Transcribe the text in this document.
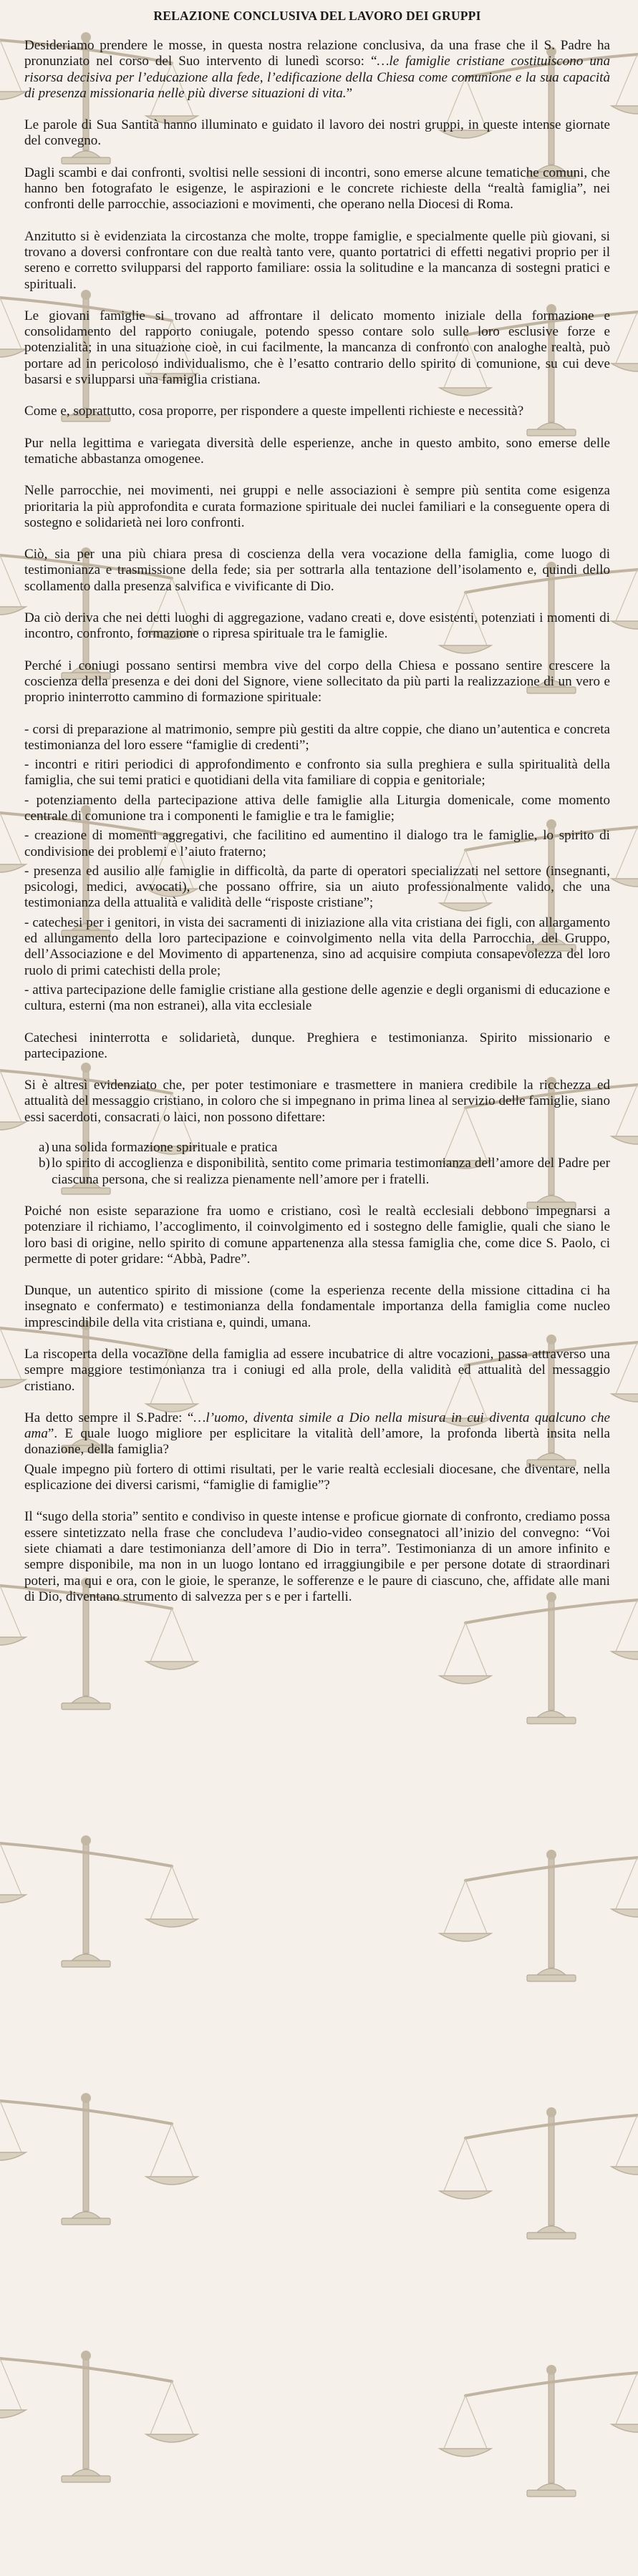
RELAZIONE CONCLUSIVA DEL LAVORO DEI GRUPPI

Desideriamo prendere le mosse, in questa nostra relazione conclusiva, da una frase che il S. Padre ha pronunziato nel corso del Suo intervento di lunedì scorso: “…le famiglie cristiane costituiscono una risorsa decisiva per l’educazione alla fede, l’edificazione della Chiesa come comunione e la sua capacità di presenza missionaria nelle più diverse situazioni di vita.”

Le parole di Sua Santità hanno illuminato e guidato il lavoro dei nostri gruppi, in queste intense giornate del convegno.

Dagli scambi e dai confronti, svoltisi nelle sessioni di incontri, sono emerse alcune tematiche comuni, che hanno ben fotografato le esigenze, le aspirazioni e le concrete richieste della “realtà famiglia”, nei confronti delle parrocchie, associazioni e movimenti, che operano nella Diocesi di Roma.

Anzitutto si è evidenziata la circostanza che molte, troppe famiglie, e specialmente quelle più giovani, si trovano a doversi confrontare con due realtà tanto vere, quanto portatrici di effetti negativi proprio per il sereno e corretto svilupparsi del rapporto familiare: ossia la solitudine e la mancanza di sostegni pratici e spirituali.

Le giovani famiglie si trovano ad affrontare il delicato momento iniziale della formazione e consolidamento del rapporto coniugale, potendo spesso contare solo sulle loro esclusive forze e potenzialità; in una situazione cioè, in cui facilmente, la mancanza di confronto con analoghe realtà, può portare ad in pericoloso individualismo, che è l’esatto contrario dello spirito di comunione, su cui deve basarsi e svilupparsi una famiglia cristiana.

Come e, soprattutto, cosa proporre, per rispondere a queste impellenti richieste e necessità?

Pur nella legittima e variegata diversità delle esperienze, anche in questo ambito, sono emerse delle tematiche abbastanza omogenee.

Nelle parrocchie, nei movimenti, nei gruppi e nelle associazioni è sempre più sentita come esigenza prioritaria la più approfondita e curata formazione spirituale dei nuclei familiari e la conseguente opera di sostegno e solidarietà nei loro confronti.

Ciò, sia per una più chiara presa di coscienza della vera vocazione della famiglia, come luogo di testimonianza e trasmissione della fede; sia per sottrarla alla tentazione dell’isolamento e, quindi dello scollamento dalla presenza salvifica e vivificante di Dio.

Da ciò deriva che nei detti luoghi di aggregazione, vadano creati e, dove esistenti, potenziati i momenti di incontro, confronto, formazione o ripresa spirituale tra le famiglie.

Perché i coniugi possano sentirsi membra vive del corpo della Chiesa e possano sentire crescere la coscienza della presenza e dei doni del Signore, viene sollecitato da più parti la realizzazione di un vero e proprio ininterrotto cammino di formazione spirituale:

- corsi di preparazione al matrimonio, sempre più gestiti da altre coppie, che diano un’autentica e concreta testimonianza del loro essere “famiglie di credenti”;

- incontri e ritiri periodici di approfondimento e confronto sia sulla preghiera e sulla spiritualità della famiglia, che sui temi pratici e quotidiani della vita familiare di coppia e genitoriale;

- potenziamento della partecipazione attiva delle famiglie alla Liturgia domenicale, come momento centrale di comunione tra i componenti le famiglie e tra le famiglie;

- creazione di momenti aggregativi, che facilitino ed aumentino il dialogo tra le famiglie, lo spirito di condivisione dei problemi e l’aiuto fraterno;

- presenza ed ausilio alle famiglie in difficoltà, da parte di operatori specializzati nel settore (insegnanti, psicologi, medici, avvocati), che possano offrire, sia un aiuto professionalmente valido, che una testimonianza della attualità e validità delle “risposte cristiane”;

- catechesi per i genitori, in vista dei sacramenti di iniziazione alla vita cristiana dei figli, con allargamento ed allungamento della loro partecipazione e coinvolgimento nella vita della Parrocchia, del Gruppo, dell’Associazione e del Movimento di appartenenza, sino ad acquisire compiuta consapevolezza del loro ruolo di primi catechisti della prole;

- attiva partecipazione delle famiglie cristiane alla gestione delle agenzie e degli organismi di educazione e cultura, esterni (ma non estranei), alla vita ecclesiale

Catechesi ininterrotta e solidarietà, dunque. Preghiera e testimonianza. Spirito missionario e partecipazione.

Si è altresì evidenziato che, per poter testimoniare e trasmettere in maniera credibile la ricchezza ed attualità del messaggio cristiano, in coloro che si impegnano in prima linea al servizio delle famiglie, siano essi sacerdoti, consacrati o laici, non possono difettare:

a) una solida formazione spirituale e pratica
b) lo spirito di accoglienza e disponibilità, sentito come primaria testimonianza dell’amore del Padre per ciascuna persona, che si realizza pienamente nell’amore per i fratelli.

Poiché non esiste separazione fra uomo e cristiano, così le realtà ecclesiali debbono impegnarsi a potenziare il richiamo, l’accoglimento, il coinvolgimento ed i sostegno delle famiglie, quali che siano le loro basi di origine, nello spirito di comune appartenenza alla stessa famiglia che, come dice S. Paolo, ci permette di poter gridare: “Abbà, Padre”.

Dunque, un autentico spirito di missione (come la esperienza recente della missione cittadina ci ha insegnato e confermato) e testimonianza della fondamentale importanza della famiglia come nucleo imprescindibile della vita cristiana e, quindi, umana.

La riscoperta della vocazione della famiglia ad essere incubatrice di altre vocazioni, passa attraverso una sempre maggiore testimonianza tra i coniugi ed alla prole, della validità ed attualità del messaggio cristiano.

Ha detto sempre il S.Padre: “…l’uomo, diventa simile a Dio nella misura in cui diventa qualcuno che ama”. E quale luogo migliore per esplicitare la vitalità dell’amore, la profonda libertà insita nella donazione, della famiglia?

Quale impegno più fortero di ottimi risultati, per le varie realtà ecclesiali diocesane, che diventare, nella esplicazione dei diversi carismi, “famiglie di famiglie”?

Il “sugo della storia” sentito e condiviso in queste intense e proficue giornate di confronto, crediamo possa essere sintetizzato nella frase che concludeva l’audio-video consegnatoci all’inizio del convegno: “Voi siete chiamati a dare testimonianza dell’amore di Dio in terra”. Testimonianza di un amore infinito e sempre disponibile, ma non in un luogo lontano ed irraggiungibile e per persone dotate di straordinari poteri, ma qui e ora, con le gioie, le speranze, le sofferenze e le paure di ciascuno, che, affidate alle mani di Dio, diventano strumento di salvezza per s e per i fartelli.
